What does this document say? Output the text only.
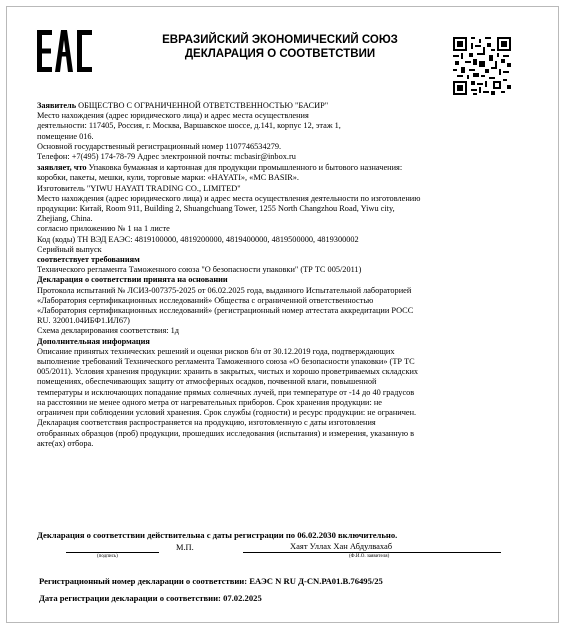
ЕВРАЗИЙСКИЙ ЭКОНОМИЧЕСКИЙ СОЮЗ
ДЕКЛАРАЦИЯ О СООТВЕТСТВИИ

Заявитель ОБЩЕСТВО С ОГРАНИЧЕННОЙ ОТВЕТСТВЕННОСТЬЮ "БАСИР"

Место нахождения (адрес юридического лица) и адрес места осуществления

деятельности: 117405, Россия, г. Москва, Варшавское шоссе, д.141, корпус 12, этаж 1,

помещение 016.

Основной государственный регистрационный номер 1107746534279.

Телефон: +7(495) 174-78-79 Адрес электронной почты: mcbasir@inbox.ru

заявляет, что Упаковка бумажная и картонная для продукции промышленного и бытового назначения:

коробки, пакеты, мешки, кули, торговые марки: «HAYATI», «MC BASIR».

Изготовитель "YIWU HAYATI TRADING CO., LIMITED"

Место нахождения (адрес юридического лица) и адрес места осуществления деятельности по изготовлению

продукции: Китай, Room 911, Building 2, Shuangchuang Tower, 1255 North Changzhou Road, Yiwu city,

Zhejiang, China.

согласно приложению № 1 на 1 листе

Код (коды) ТН ВЭД ЕАЭС: 4819100000, 4819200000, 4819400000, 4819500000, 4819300002

Серийный выпуск

соответствует требованиям

Технического регламента Таможенного союза "О безопасности упаковки" (ТР ТС 005/2011)

Декларация о соответствии принята на основании

Протокола испытаний № ЛСИЗ-007375-2025 от 06.02.2025 года, выданного Испытательной лабораторией

«Лаборатория сертификационных исследований» Общества с ограниченной ответственностью

«Лаборатория сертификационных исследований» (регистрационный номер аттестата аккредитации РОСС

RU. 32001.04ИБФ1.ИЛ67)

Схема декларирования соответствия: 1д

Дополнительная информация

Описание принятых технических решений и оценки рисков б/н от 30.12.2019 года, подтверждающих

выполнение требований Технического регламента Таможенного союза «О безопасности упаковки» (ТР ТС

005/2011). Условия хранения продукции: хранить в закрытых, чистых и хорошо проветриваемых складских

помещениях, обеспечивающих защиту от атмосферных осадков, почвенной влаги, повышенной

температуры и исключающих попадание прямых солнечных лучей, при температуре от -14 до 40 градусов

на расстоянии не менее одного метра от нагревательных приборов. Срок хранения продукции: не

ограничен при соблюдении условий хранения. Срок службы (годности) и ресурс продукции: не ограничен.

Декларация соответствия распространяется на продукцию, изготовленную с даты изготовления

отобранных образцов (проб) продукции, прошедших исследования (испытания) и измерения, указанную в

акте(ах) отбора.

Декларация о соответствии действительна с даты регистрации по 06.02.2030 включительно.
(подпись)
М.П.	Хаят Уллах Хан Абдулвахаб
(Ф.И.О. заявителя)
Регистрационный номер декларации о соответствии: ЕАЭС N RU Д-CN.РА01.В.76495/25
Дата регистрации декларации о соответствии: 07.02.2025
